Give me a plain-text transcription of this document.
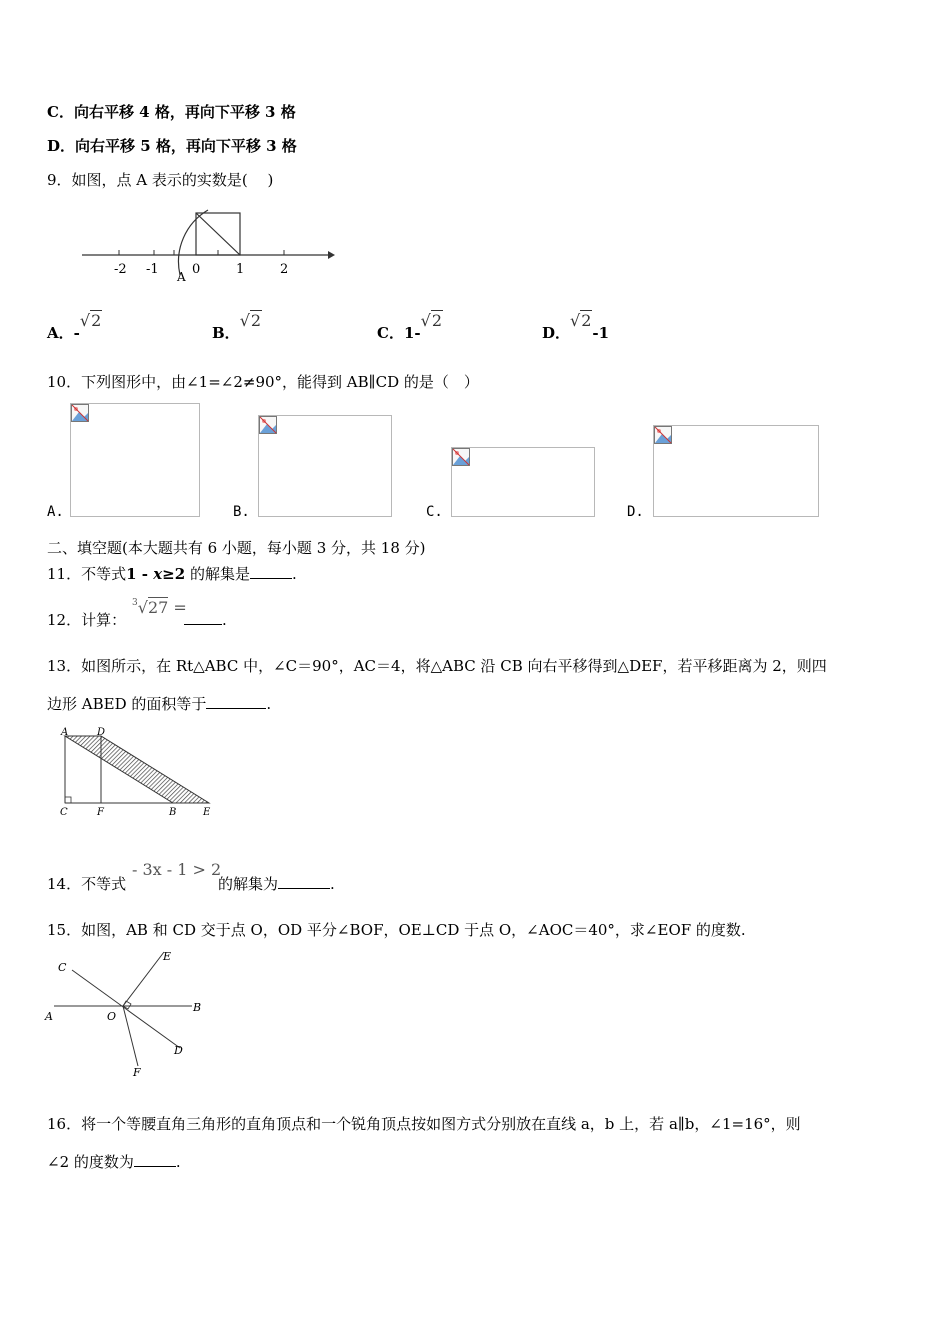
C．向右平移 4 格，再向下平移 3 格
D．向右平移 5 格，再向下平移 3 格
9．如图，点 A 表示的实数是(　 )
-2 -1	0	1	2
A
A．-√2
B．√2
C．1-√2
D．√2-1
10．下列图形中，由∠1=∠2≠90°，能得到 AB∥CD 的是（　）
A.	B.	C.	D.
二、填空题(本大题共有 6 小题，每小题 3 分，共 18 分)
11．不等式1 - x≥2 的解集是	.
12．计算：
$^3$√27 =
.
13．如图所示，在 Rt△ABC 中，∠C＝90°，AC＝4，将△ABC 沿 CB 向右平移得到△DEF，若平移距离为 2，则四
边形 ABED 的面积等于	.
A	D
C	F	B	E
14．不等式
- 3x - 1 > 2
的解集为	.
15．如图，AB 和 CD 交于点 O，OD 平分∠BOF，OE⊥CD 于点 O，∠AOC＝40°，求∠EOF 的度数.
C
E
A	O
B
D
F
16．将一个等腰直角三角形的直角顶点和一个锐角顶点按如图方式分别放在直线 a，b 上，若 a∥b，∠1=16°，则
∠2 的度数为	.
